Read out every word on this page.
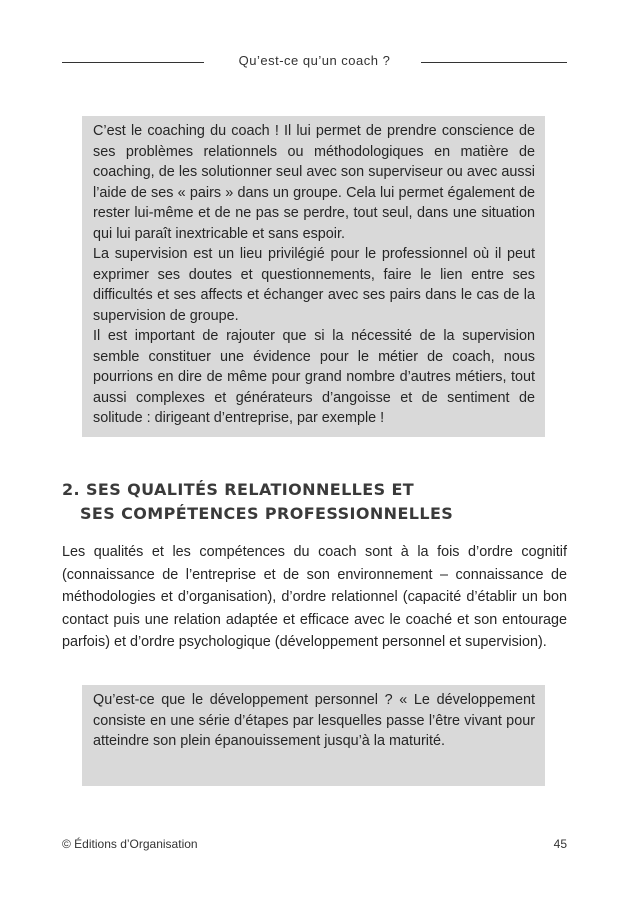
Qu’est-ce qu’un coach ?

C’est le coaching du coach ! Il lui permet de prendre conscience de ses problèmes relationnels ou méthodologiques en matière de coaching, de les solutionner seul avec son superviseur ou avec aussi l’aide de ses « pairs » dans un groupe. Cela lui permet également de rester lui-même et de ne pas se perdre, tout seul, dans une situation qui lui paraît inextricable et sans espoir.

La supervision est un lieu privilégié pour le professionnel où il peut exprimer ses doutes et questionnements, faire le lien entre ses difficultés et ses affects et échanger avec ses pairs dans le cas de la supervision de groupe.

Il est important de rajouter que si la nécessité de la supervision semble constituer une évidence pour le métier de coach, nous pourrions en dire de même pour grand nombre d’autres métiers, tout aussi complexes et générateurs d’angoisse et de sentiment de solitude : dirigeant d’entreprise, par exemple !

2. SES QUALITÉS RELATIONNELLES ET
SES COMPÉTENCES PROFESSIONNELLES

Les qualités et les compétences du coach sont à la fois d’ordre cognitif (connaissance de l’entreprise et de son environnement – connaissance de méthodologies et d’organisation), d’ordre relationnel (capacité d’établir un bon contact puis une relation adaptée et efficace avec le coaché et son entourage parfois) et d’ordre psychologique (développement personnel et supervision).

Qu’est-ce que le développement personnel ? « Le développement consiste en une série d’étapes par lesquelles passe l’être vivant pour atteindre son plein épanouissement jusqu’à la maturité.

© Éditions d’Organisation	45
